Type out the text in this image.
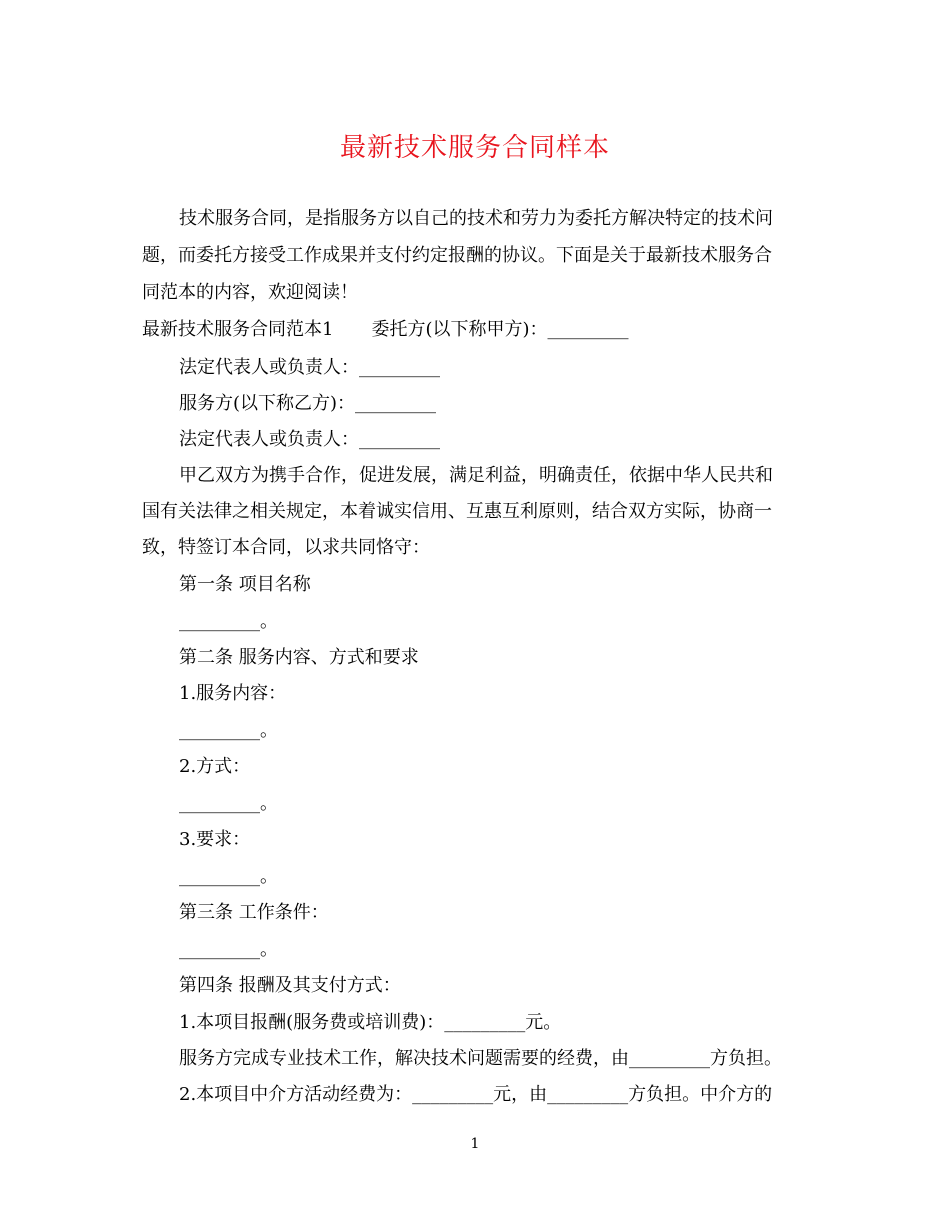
最新技术服务合同样本
技术服务合同，是指服务方以自己的技术和劳力为委托方解决特定的技术问
题，而委托方接受工作成果并支付约定报酬的协议。下面是关于最新技术服务合
同范本的内容，欢迎阅读！
最新技术服务合同范本1 委托方(以下称甲方)：_________
法定代表人或负责人：_________
服务方(以下称乙方)：_________
法定代表人或负责人：_________
甲乙双方为携手合作，促进发展，满足利益，明确责任，依据中华人民共和
国有关法律之相关规定，本着诚实信用、互惠互利原则，结合双方实际，协商一
致，特签订本合同，以求共同恪守：
第一条 项目名称
_________。
第二条 服务内容、方式和要求
1.服务内容：
_________。
2.方式：
_________。
3.要求：
_________。
第三条 工作条件：
_________。
第四条 报酬及其支付方式：
1.本项目报酬(服务费或培训费)：_________元。
服务方完成专业技术工作，解决技术问题需要的经费，由_________方负担。
2.本项目中介方活动经费为：_________元，由_________方负担。中介方的
1
